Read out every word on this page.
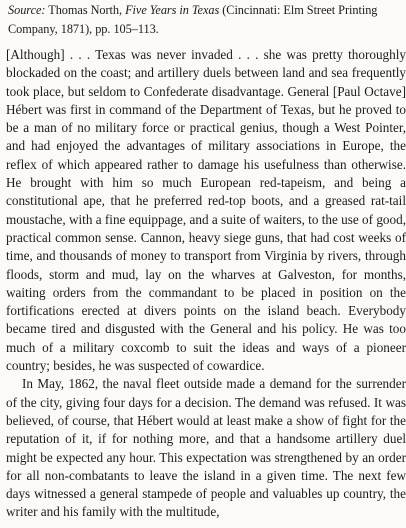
Source: Thomas North, Five Years in Texas (Cincinnati: Elm Street Printing Company, 1871), pp. 105–113.

[Although] . . . Texas was never invaded . . . she was pretty thoroughly blockaded on the coast; and artillery duels between land and sea frequently took place, but seldom to Confederate disadvantage. General [Paul Octave] Hébert was first in command of the Department of Texas, but he proved to be a man of no military force or practical genius, though a West Pointer, and had enjoyed the advantages of military associations in Europe, the reflex of which appeared rather to damage his usefulness than otherwise. He brought with him so much European red-tapeism, and being a constitutional ape, that he preferred red-top boots, and a greased rat-tail moustache, with a fine equippage, and a suite of waiters, to the use of good, practical common sense. Cannon, heavy siege guns, that had cost weeks of time, and thousands of money to transport from Virginia by rivers, through floods, storm and mud, lay on the wharves at Galveston, for months, waiting orders from the commandant to be placed in position on the fortifications erected at divers points on the island beach. Everybody became tired and disgusted with the General and his policy. He was too much of a military coxcomb to suit the ideas and ways of a pioneer country; besides, he was suspected of cowardice.

In May, 1862, the naval fleet outside made a demand for the surrender of the city, giving four days for a decision. The demand was refused. It was believed, of course, that Hébert would at least make a show of fight for the reputation of it, if for nothing more, and that a handsome artillery duel might be expected any hour. This expectation was strengthened by an order for all non-combatants to leave the island in a given time. The next few days witnessed a general stampede of people and valuables up country, the writer and his family with the multitude,
